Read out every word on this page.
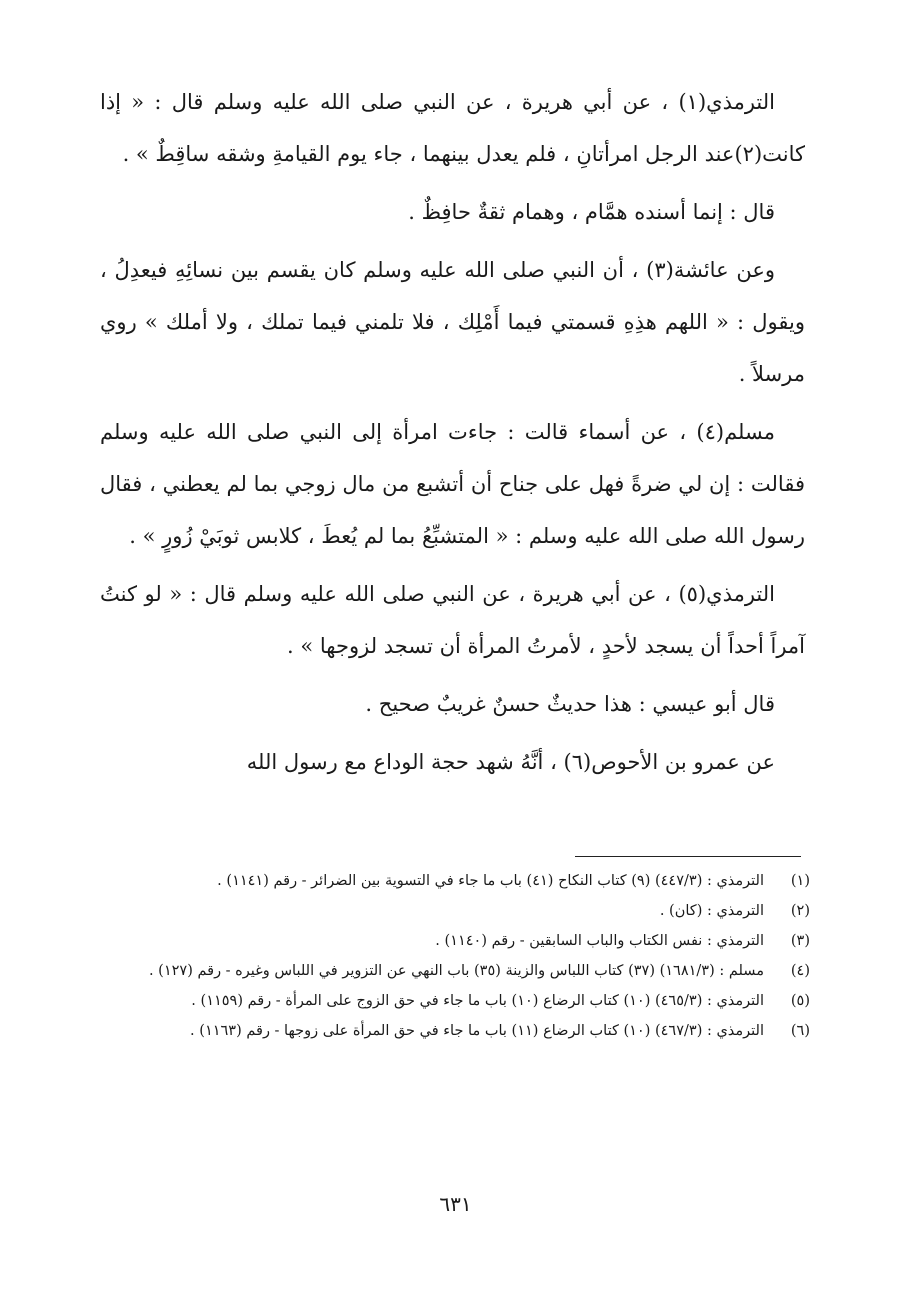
الترمذي(١) ، عن أبي هريرة ، عن النبي صلى الله عليه وسلم قال : « إذا كانت(٢)عند الرجل امرأتانِ ، فلم يعدل بينهما ، جاء يوم القيامةِ وشقه ساقِطٌ » .

قال : إنما أسنده همَّام ، وهمام ثقةٌ حافِظٌ .

وعن عائشة(٣) ، أن النبي صلى الله عليه وسلم كان يقسم بين نسائِهِ فيعدِلُ ، ويقول : « اللهم هذِهِ قسمتي فيما أَمْلِك ، فلا تلمني فيما تملك ، ولا أملك » روي مرسلاً .

مسلم(٤) ، عن أسماء قالت : جاءت امرأة إلى النبي صلى الله عليه وسلم فقالت : إن لي ضرةً فهل على جناح أن أتشبع من مال زوجي بما لم يعطني ، فقال رسول الله صلى الله عليه وسلم : « المتشبِّعُ بما لم يُعطَ ، كلابس ثوبَيْ زُورٍ » .

الترمذي(٥) ، عن أبي هريرة ، عن النبي صلى الله عليه وسلم قال : « لو كنتُ آمراً أحداً أن يسجد لأحدٍ ، لأمرتُ المرأة أن تسجد لزوجها » .

قال أبو عيسي : هذا حديثٌ حسنٌ غريبٌ صحيح .

عن عمرو بن الأحوص(٦) ، أنَّهُ شهد حجة الوداع مع رسول الله

(١)
الترمذي : (٤٤٧/٣) (٩) كتاب النكاح (٤١) باب ما جاء في التسوية بين الضرائر - رقم (١١٤١) .
(٢)
الترمذي : (كان) .
(٣)
الترمذي : نفس الكتاب والباب السابقين - رقم (١١٤٠) .
(٤)
مسلم : (١٦٨١/٣) (٣٧) كتاب اللباس والزينة (٣٥) باب النهي عن التزوير في اللباس وغيره - رقم (١٢٧) .
(٥)
الترمذي : (٤٦٥/٣) (١٠) كتاب الرضاع (١٠) باب ما جاء في حق الزوج على المرأة - رقم (١١٥٩) .
(٦)
الترمذي : (٤٦٧/٣) (١٠) كتاب الرضاع (١١) باب ما جاء في حق المرأة على زوجها - رقم (١١٦٣) .
٦٣١
